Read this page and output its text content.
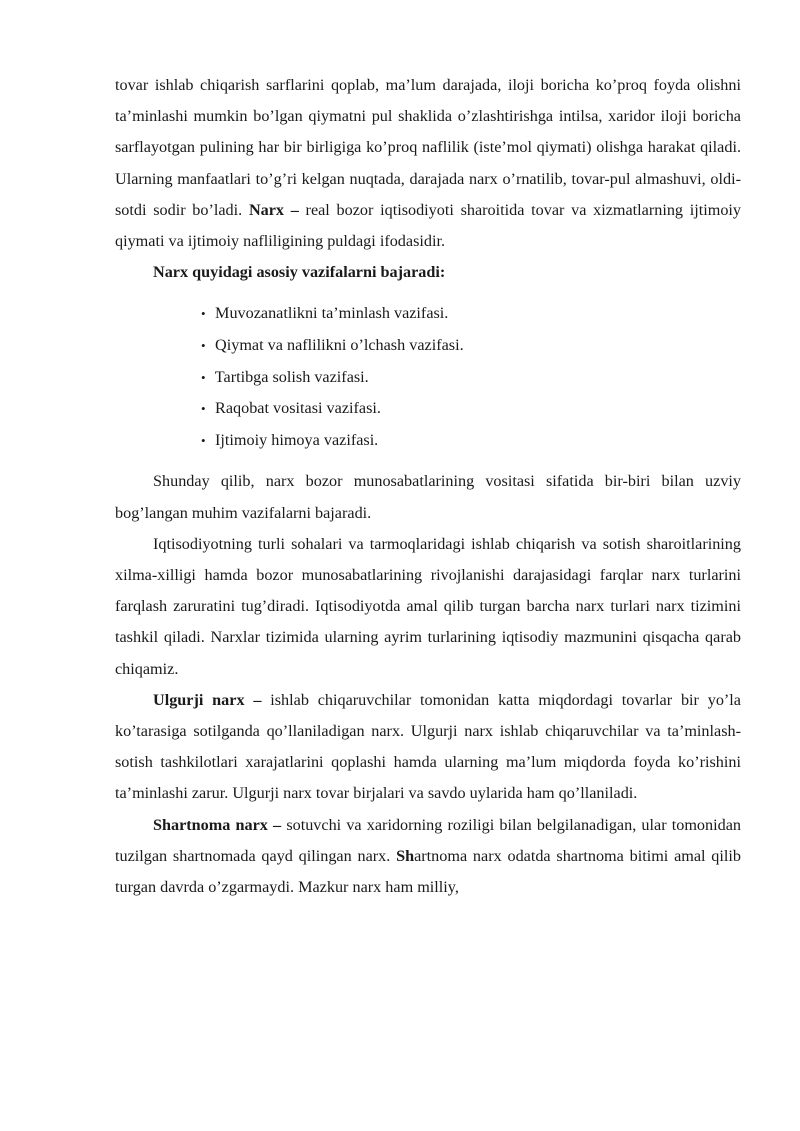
tovar ishlab chiqarish sarflarini qoplab, ma’lum darajada, iloji boricha ko’proq foyda olishni ta’minlashi mumkin bo’lgan qiymatni pul shaklida o’zlashtirishga intilsa, xaridor iloji boricha sarflayotgan pulining har bir birligiga ko’proq naflilik (iste’mol qiymati) olishga harakat qiladi. Ularning manfaatlari to’g’ri kelgan nuqtada, darajada narx o’rnatilib, tovar-pul almashuvi, oldi-sotdi sodir bo’ladi. Narx – real bozor iqtisodiyoti sharoitida tovar va xizmatlarning ijtimoiy qiymati va ijtimoiy nafliligining puldagi ifodasidir.

Narx quyidagi asosiy vazifalarni bajaradi:

• Muvozanatlikni ta’minlash vazifasi.
• Qiymat va naflilikni o’lchash vazifasi.
• Tartibga solish vazifasi.
• Raqobat vositasi vazifasi.
• Ijtimoiy himoya vazifasi.

Shunday qilib, narx bozor munosabatlarining vositasi sifatida bir-biri bilan uzviy bog’langan muhim vazifalarni bajaradi.

Iqtisodiyotning turli sohalari va tarmoqlaridagi ishlab chiqarish va sotish sharoitlarining xilma-xilligi hamda bozor munosabatlarining rivojlanishi darajasidagi farqlar narx turlarini farqlash zaruratini tug’diradi. Iqtisodiyotda amal qilib turgan barcha narx turlari narx tizimini tashkil qiladi. Narxlar tizimida ularning ayrim turlarining iqtisodiy mazmunini qisqacha qarab chiqamiz.

Ulgurji narx – ishlab chiqaruvchilar tomonidan katta miqdordagi tovarlar bir yo’la ko’tarasiga sotilganda qo’llaniladigan narx. Ulgurji narx ishlab chiqaruvchilar va ta’minlash-sotish tashkilotlari xarajatlarini qoplashi hamda ularning ma’lum miqdorda foyda ko’rishini ta’minlashi zarur. Ulgurji narx tovar birjalari va savdo uylarida ham qo’llaniladi.

Shartnoma narx – sotuvchi va xaridorning roziligi bilan belgilanadigan, ular tomonidan tuzilgan shartnomada qayd qilingan narx. Shartnoma narx odatda shartnoma bitimi amal qilib turgan davrda o’zgarmaydi. Mazkur narx ham milliy,
